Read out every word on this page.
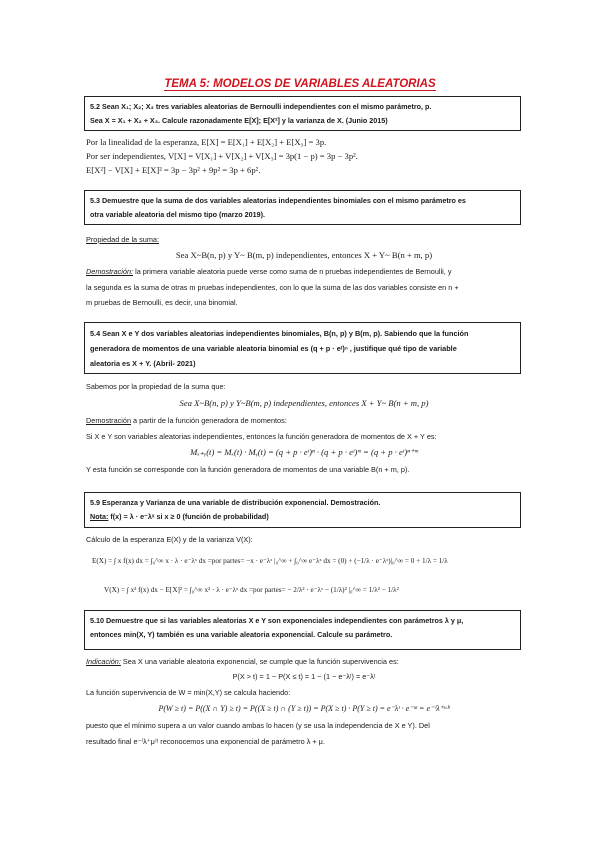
TEMA 5: MODELOS DE VARIABLES ALEATORIAS
5.2 Sean X₁; X₂; X₃ tres variables aleatorias de Bernoulli independientes con el mismo parámetro, p.
Sea X = X₁ + X₂ + X₃. Calcule razonadamente E[X]; E[X²] y la varianza de X. (Junio 2015)
Por la linealidad de la esperanza, E[X] = E[X₁] + E[X₂] + E[X₃] = 3p.
Por ser independientes, V[X] = V[X₁] + V[X₂] + V[X₃] = 3p(1 − p) = 3p − 3p².
E[X²] − V[X] + E[X]² = 3p − 3p² + 9p² = 3p + 6p².
5.3 Demuestre que la suma de dos variables aleatorias independientes binomiales con el mismo parámetro es
otra variable aleatoria del mismo tipo (marzo 2019).
Propiedad de la suma:
Sea X~B(n, p) y Y~ B(m, p) independientes, entonces X + Y~ B(n + m, p)
Demostración: la primera variable aleatoria puede verse como suma de n pruebas independientes de Bernoulli, y
la segunda es la suma de otras m pruebas independientes, con lo que la suma de las dos variables consiste en n +
m pruebas de Bernoulli, es decir, una binomial.
5.4 Sean X e Y dos variables aleatorias independientes binomiales, B(n, p) y B(m, p). Sabiendo que la función
generadora de momentos de una variable aleatoria binomial es (q + p · eᵗ)ⁿ , justifique qué tipo de variable
aleatoria es X + Y. (Abril- 2021)
Sabemos por la propiedad de la suma que:
Sea X~B(n, p) y Y~B(m, p) independientes, entonces X + Y~ B(n + m, p)
Demostración a partir de la función generadora de momentos:
Si X e Y son variables aleatorias independientes, entonces la función generadora de momentos de X + Y es:
Mₓ₊ᵧ(t) = Mₓ(t) · Mᵧ(t) = (q + p · eᵗ)ⁿ · (q + p · eᵗ)ᵐ = (q + p · eᵗ)ⁿ⁺ᵐ
Y esta función se corresponde con la función generadora de momentos de una variable B(n + m, p).
5.9 Esperanza y Varianza de una variable de distribución exponencial. Demostración.
Nota: f(x) = λ · e⁻λˣ si x ≥ 0 (función de probabilidad)
Cálculo de la esperanza E(X) y de la varianza V(X):
E(X) = ∫ x f(x) dx = ∫₀^∞ x · λ · e⁻λˣ dx =por partes= −x · e⁻λˣ |₀^∞ + ∫₀^∞ e⁻λˣ dx = (0) + (−1/λ · e⁻λˣ)|₀^∞ = 0 + 1/λ = 1/λ
V(X) = ∫ x² f(x) dx − E[X]² = ∫₀^∞ x² · λ · e⁻λˣ dx =por partes= − 2/λ² · e⁻λˣ − (1/λ)² |₀^∞ = 1/λ² − 1/λ²
5.10 Demuestre que si las variables aleatorias X e Y son exponenciales independientes con parámetros λ y μ,
entonces min(X, Y) también es una variable aleatoria exponencial. Calcule su parámetro.
Indicación: Sea X una variable aleatoria exponencial, se cumple que la función supervivencia es:
P(X > t) = 1 − P(X ≤ t) = 1 − (1 − e⁻λᵗ) = e⁻λᵗ
La función supervivencia de W = min(X,Y) se calcula haciendo:
P(W ≥ t) = P((X ∩ Y) ≥ t) = P((X ≥ t) ∩ (Y ≥ t)) = P(X ≥ t) · P(Y ≥ t) = e⁻λᵗ · e⁻ᵘᵗ = e⁻⁽λ⁺ᵘ⁾ᵗ
puesto que el mínimo supera a un valor cuando ambas lo hacen (y se usa la independencia de X e Y). Del
resultado final e⁻⁽λ⁺μ⁾ᵗ reconocemos una exponencial de parámetro λ + μ.
